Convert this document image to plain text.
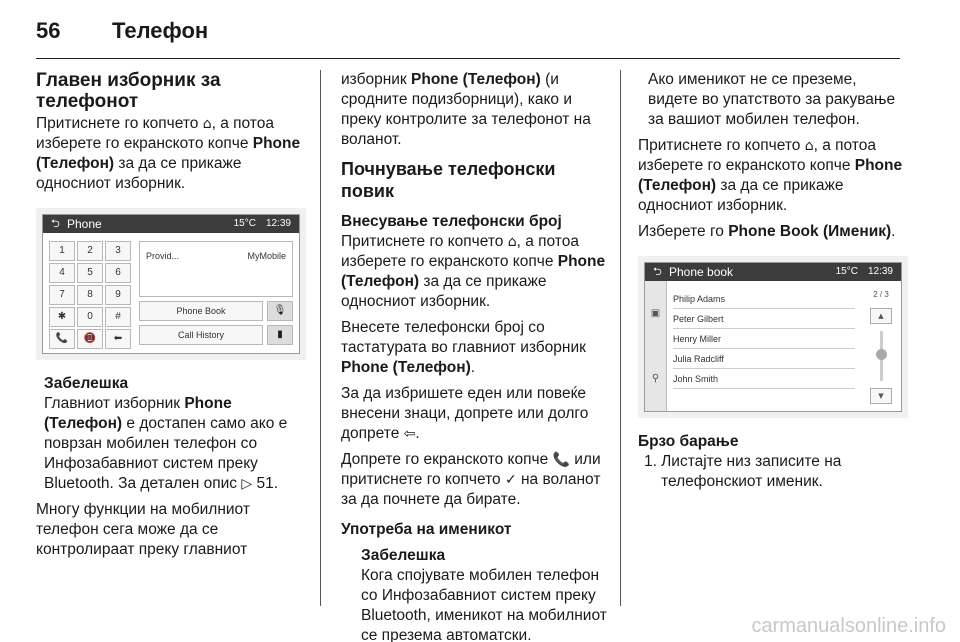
56	Телефон
Главен изборник за телефонот
Притиснете го копчето ⌂, а потоа изберете го екранското копче Phone (Телефон) за да се прикаже односниот изборник.
⮌ Phone	15°C 12:39
1	2	3
4	5	6
7	8	9
✱	0	#
📞	📵	⬅
Provid...	MyMobile
Phone Book	🎙
Call History	▮
Забелешка
Главниот изборник Phone (Телефон) е достапен само ако е поврзан мобилен телефон со Инфозабавниот систем преку Bluetooth. За детален опис ▷ 51.
Многу функции на мобилниот телефон сега може да се контролираат преку главниот
изборник Phone (Телефон) (и сродните подизборници), како и преку контролите за телефонот на воланот.
Почнување телефонски повик
Внесување телефонски број
Притиснете го копчето ⌂, а потоа изберете го екранското копче Phone (Телефон) за да се прикаже односниот изборник.
Внесете телефонски број со тастатурата во главниот изборник Phone (Телефон).
За да избришете еден или повеќе внесени знаци, допрете или долго допрете ⇦.
Допрете го екранското копче 📞 или притиснете го копчето ✓ на воланот за да почнете да бирате.
Употреба на именикот
Забелешка
Кога спојувате мобилен телефон со Инфозабавниот систем преку Bluetooth, именикот на мобилниот се презема автоматски.
Ако именикот не се преземе, видете во упатството за ракување за вашиот мобилен телефон.
Притиснете го копчето ⌂, а потоа изберете го екранското копче Phone (Телефон) за да се прикаже односниот изборник.
Изберете го Phone Book (Именик).
⮌ Phone book	15°C 12:39
▣
⚲
Philip Adams
Peter Gilbert
Henry Miller
Julia Radcliff
John Smith
2 / 3
▲
▼
Брзо барање
1. Листајте низ записите на телефонскиот именик.
carmanualsonline.info
